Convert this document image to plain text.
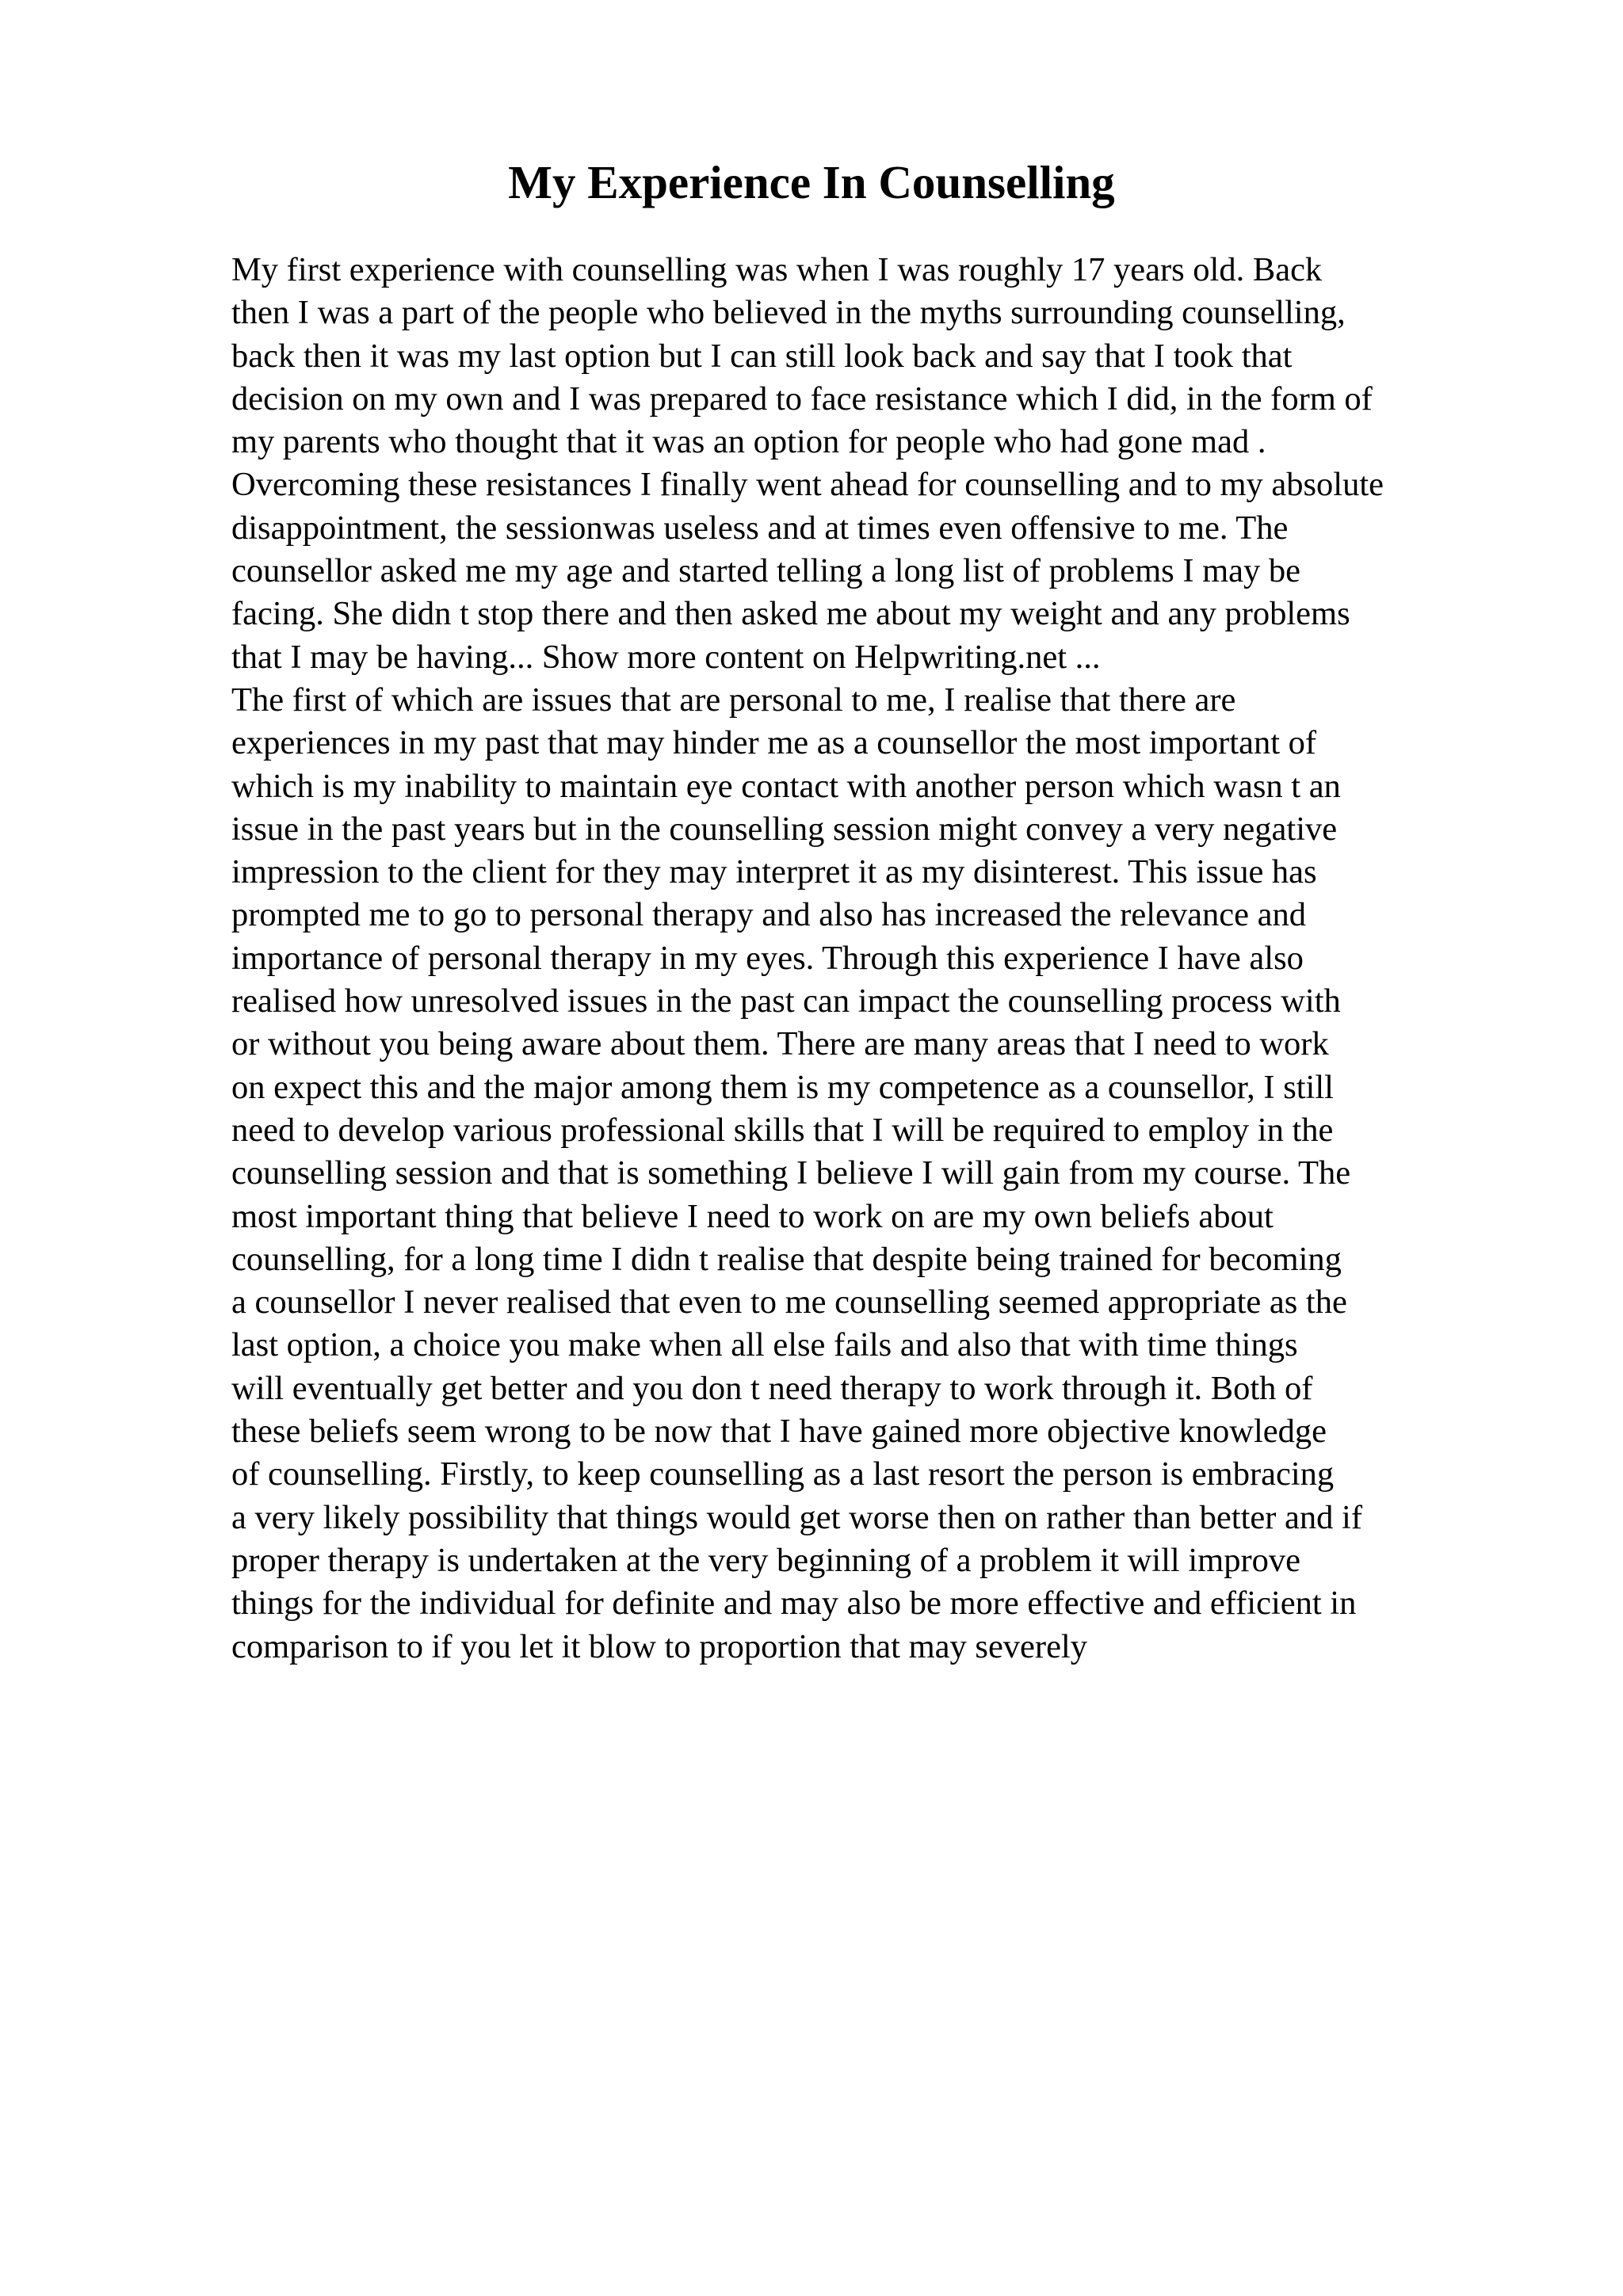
My Experience In Counselling
My first experience with counselling was when I was roughly 17 years old. Back
then I was a part of the people who believed in the myths surrounding counselling,
back then it was my last option but I can still look back and say that I took that
decision on my own and I was prepared to face resistance which I did, in the form of
my parents who thought that it was an option for people who had gone mad .
Overcoming these resistances I finally went ahead for counselling and to my absolute
disappointment, the sessionwas useless and at times even offensive to me. The
counsellor asked me my age and started telling a long list of problems I may be
facing. She didn t stop there and then asked me about my weight and any problems
that I may be having... Show more content on Helpwriting.net ...
The first of which are issues that are personal to me, I realise that there are
experiences in my past that may hinder me as a counsellor the most important of
which is my inability to maintain eye contact with another person which wasn t an
issue in the past years but in the counselling session might convey a very negative
impression to the client for they may interpret it as my disinterest. This issue has
prompted me to go to personal therapy and also has increased the relevance and
importance of personal therapy in my eyes. Through this experience I have also
realised how unresolved issues in the past can impact the counselling process with
or without you being aware about them. There are many areas that I need to work
on expect this and the major among them is my competence as a counsellor, I still
need to develop various professional skills that I will be required to employ in the
counselling session and that is something I believe I will gain from my course. The
most important thing that believe I need to work on are my own beliefs about
counselling, for a long time I didn t realise that despite being trained for becoming
a counsellor I never realised that even to me counselling seemed appropriate as the
last option, a choice you make when all else fails and also that with time things
will eventually get better and you don t need therapy to work through it. Both of
these beliefs seem wrong to be now that I have gained more objective knowledge
of counselling. Firstly, to keep counselling as a last resort the person is embracing
a very likely possibility that things would get worse then on rather than better and if
proper therapy is undertaken at the very beginning of a problem it will improve
things for the individual for definite and may also be more effective and efficient in
comparison to if you let it blow to proportion that may severely
